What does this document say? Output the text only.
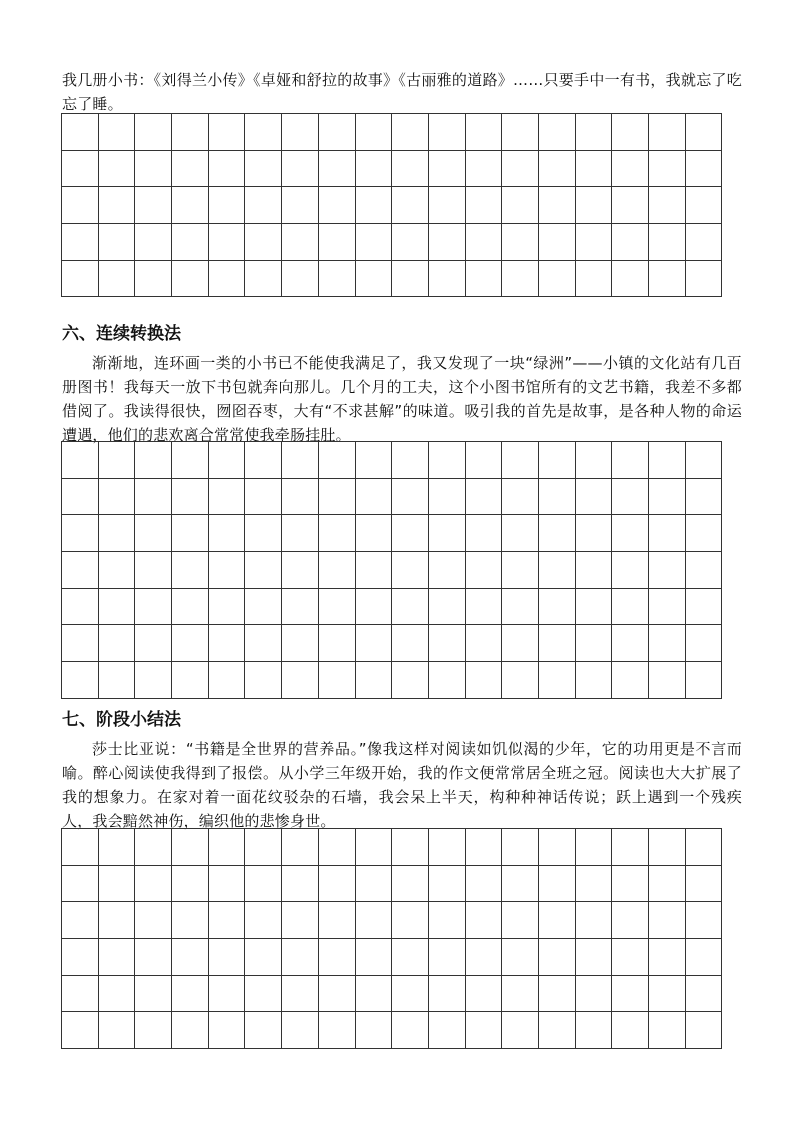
我几册小书：《刘得兰小传》《卓娅和舒拉的故事》《古丽雅的道路》……只要手中一有书，我就忘了吃忘了睡。

六、连续转换法

渐渐地，连环画一类的小书已不能使我满足了，我又发现了一块“绿洲”——小镇的文化站有几百册图书！我每天一放下书包就奔向那儿。几个月的工夫，这个小图书馆所有的文艺书籍，我差不多都借阅了。我读得很快，囫囵吞枣，大有“不求甚解”的味道。吸引我的首先是故事，是各种人物的命运遭遇，他们的悲欢离合常常使我牵肠挂肚。

七、阶段小结法

莎士比亚说：“书籍是全世界的营养品。”像我这样对阅读如饥似渴的少年，它的功用更是不言而喻。醉心阅读使我得到了报偿。从小学三年级开始，我的作文便常常居全班之冠。阅读也大大扩展了我的想象力。在家对着一面花纹驳杂的石墙，我会呆上半天，构种种神话传说；跃上遇到一个残疾人，我会黯然神伤，编织他的悲惨身世。
